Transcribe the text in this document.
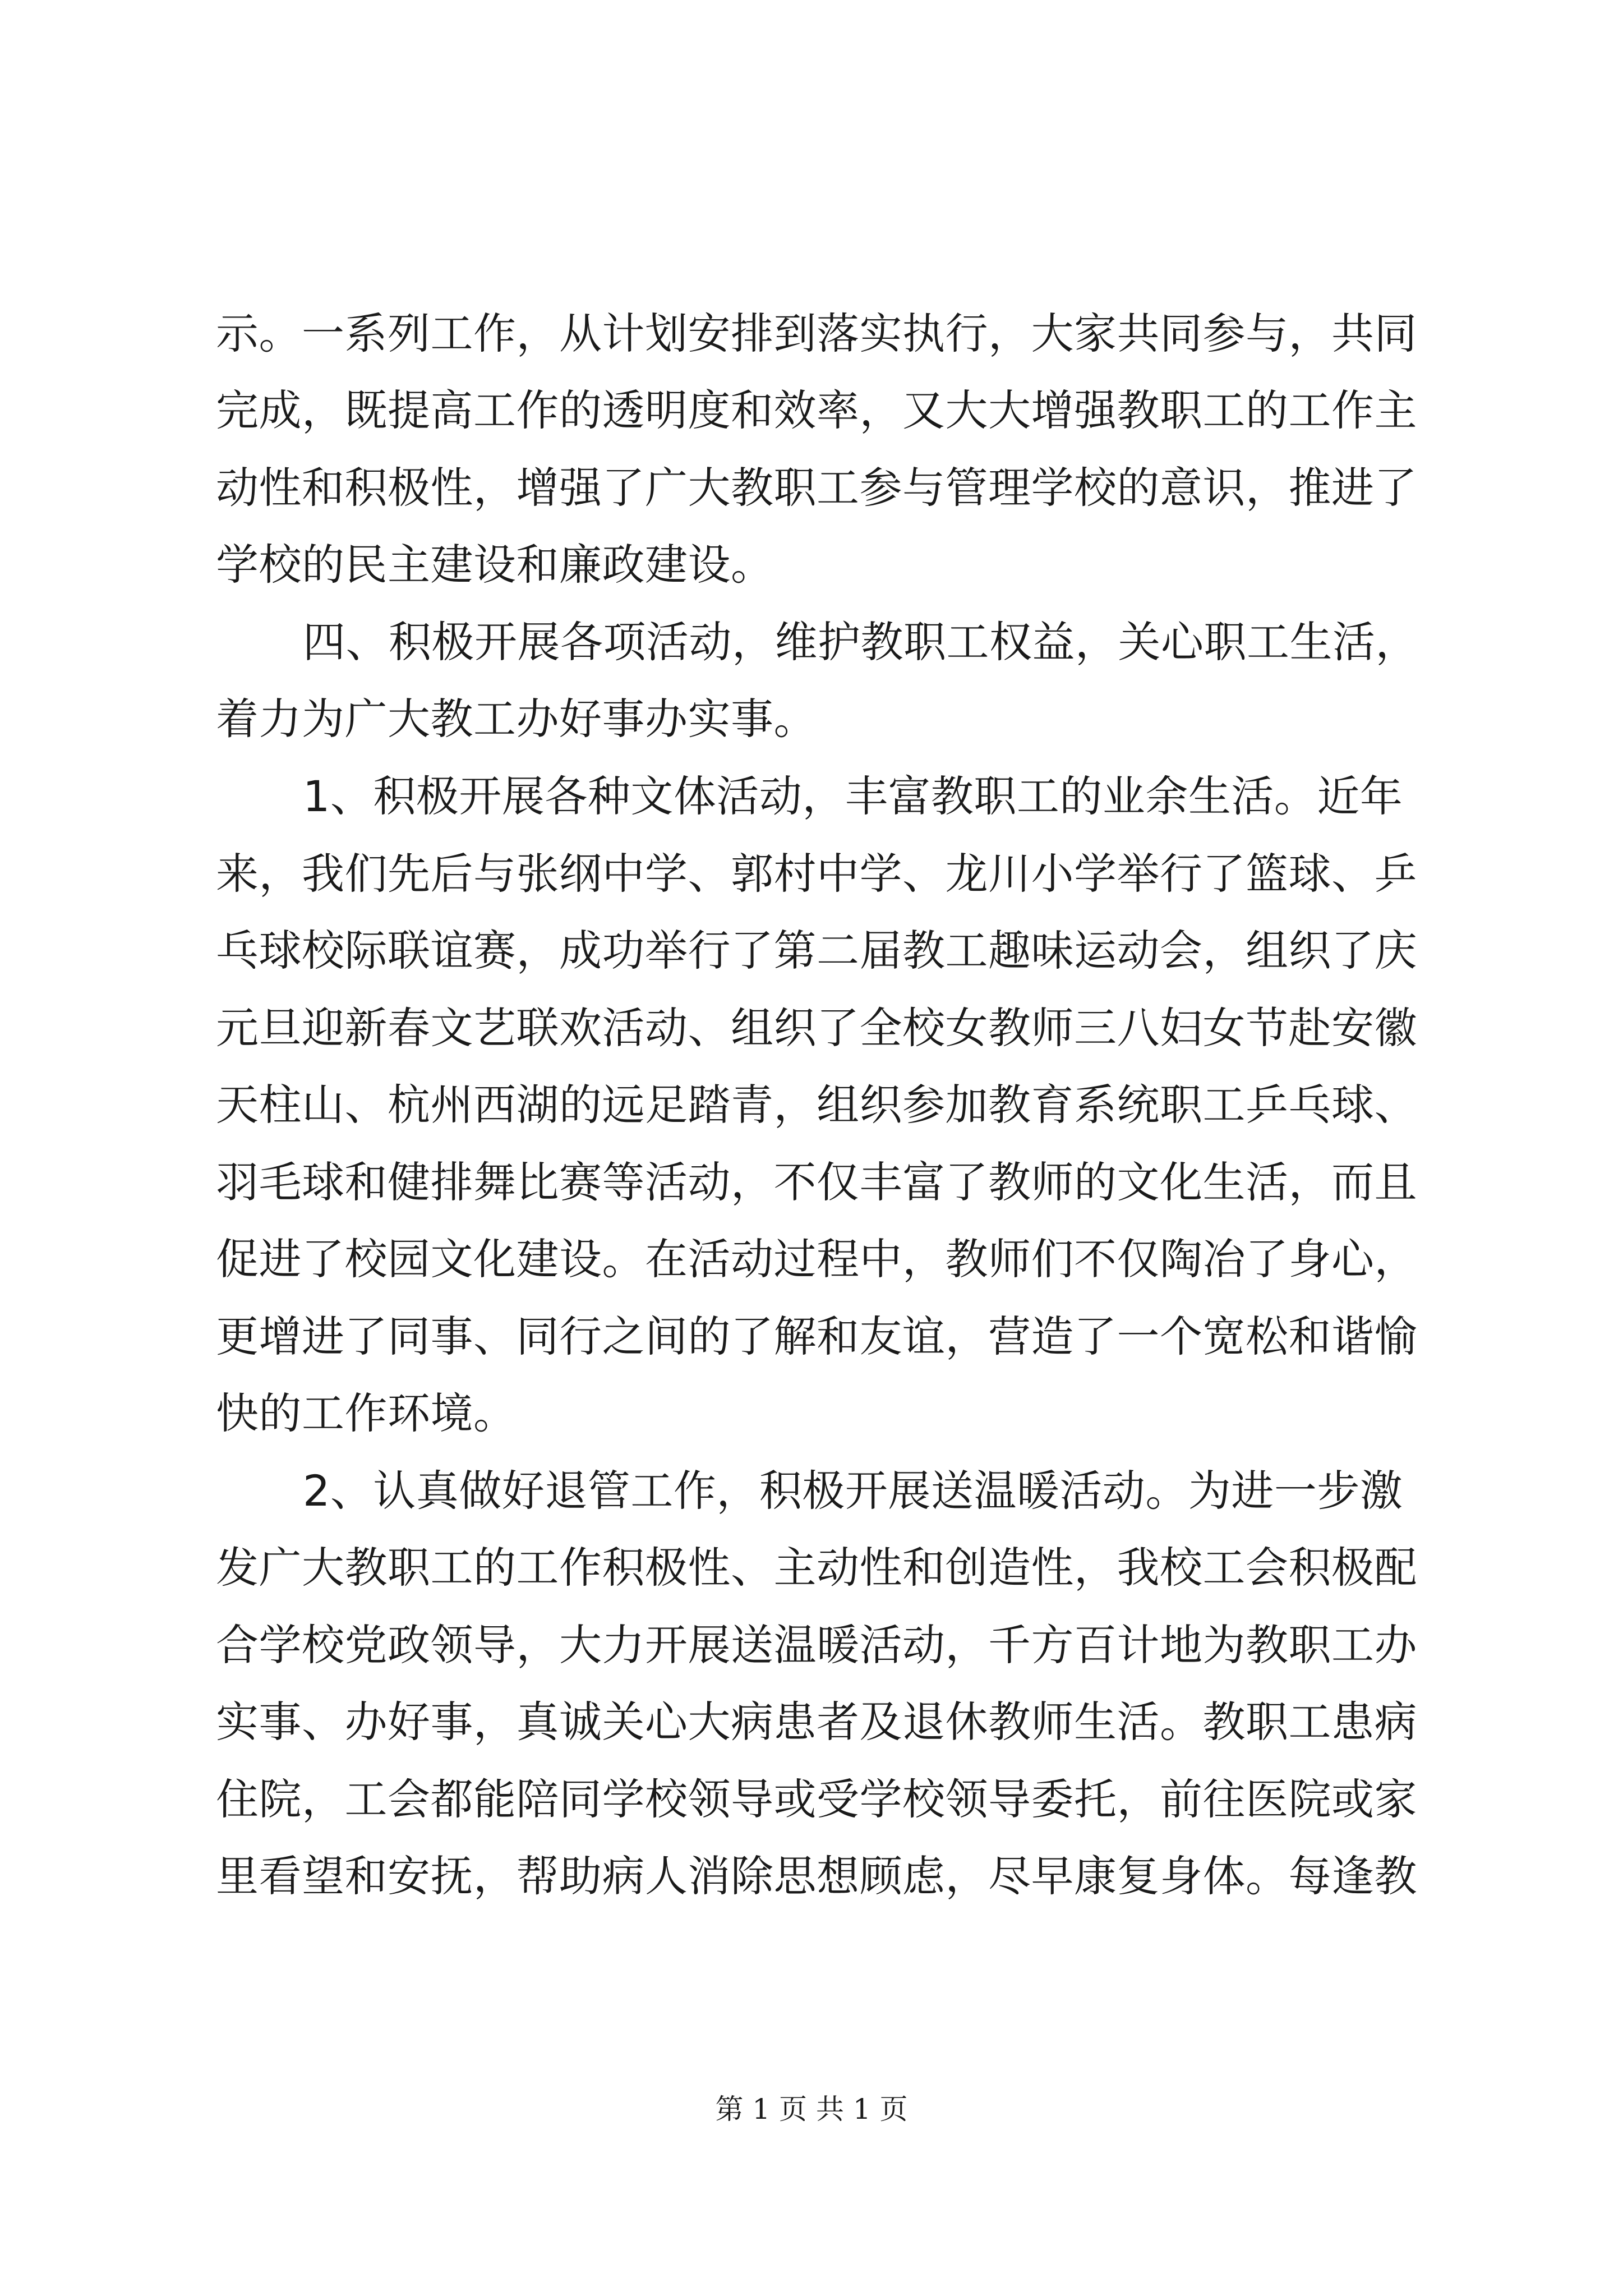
示。一系列工作，从计划安排到落实执行，大家共同参与，共同

完成，既提高工作的透明度和效率，又大大增强教职工的工作主

动性和积极性，增强了广大教职工参与管理学校的意识，推进了

学校的民主建设和廉政建设。

四、积极开展各项活动，维护教职工权益，关心职工生活，

着力为广大教工办好事办实事。

1、积极开展各种文体活动，丰富教职工的业余生活。近年

来，我们先后与张纲中学、郭村中学、龙川小学举行了篮球、乒

乓球校际联谊赛，成功举行了第二届教工趣味运动会，组织了庆

元旦迎新春文艺联欢活动、组织了全校女教师三八妇女节赴安徽

天柱山、杭州西湖的远足踏青，组织参加教育系统职工乒乓球、

羽毛球和健排舞比赛等活动，不仅丰富了教师的文化生活，而且

促进了校园文化建设。在活动过程中，教师们不仅陶冶了身心，

更增进了同事、同行之间的了解和友谊，营造了一个宽松和谐愉

快的工作环境。

2、认真做好退管工作，积极开展送温暖活动。为进一步激

发广大教职工的工作积极性、主动性和创造性，我校工会积极配

合学校党政领导，大力开展送温暖活动，千方百计地为教职工办

实事、办好事，真诚关心大病患者及退休教师生活。教职工患病

住院，工会都能陪同学校领导或受学校领导委托，前往医院或家

里看望和安抚，帮助病人消除思想顾虑，尽早康复身体。每逢教

第 1 页 共 1 页
